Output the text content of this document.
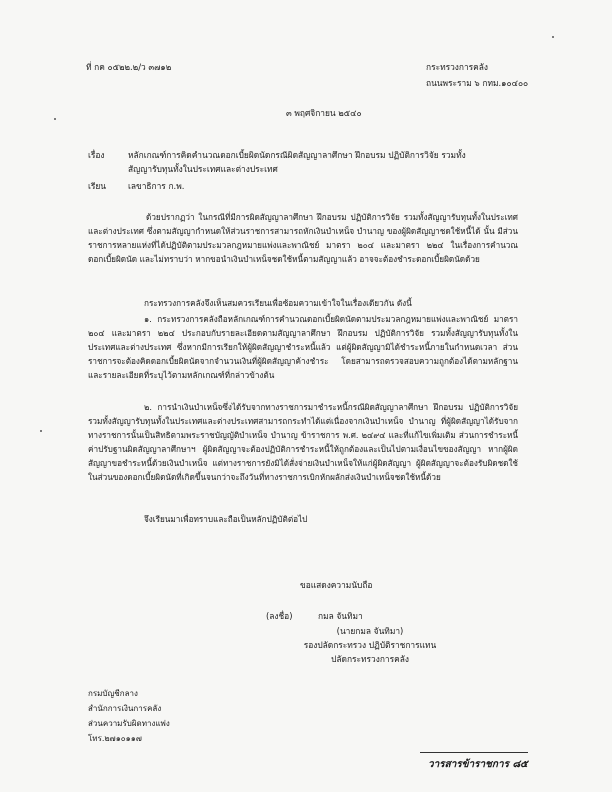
ที่ กค ๐๕๒๒.๒/ว ๓๗๑๒	กระทรวงการคลัง
ถนนพระราม ๖ กทม.๑๐๔๐๐
๓ พฤศจิกายน ๒๕๔๐
เรื่อง	หลักเกณฑ์การคิดคำนวณดอกเบี้ยผิดนัดกรณีผิดสัญญาลาศึกษา ฝึกอบรม ปฏิบัติการวิจัย รวมทั้ง
สัญญารับทุนทั้งในประเทศและต่างประเทศ
เรียน	เลขาธิการ ก.พ.

ด้วยปรากฏว่า ในกรณีที่มีการผิดสัญญาลาศึกษา ฝึกอบรม ปฏิบัติการวิจัย รวมทั้งสัญญารับทุนทั้งในประเทศและต่างประเทศ ซึ่งตามสัญญากำหนดให้ส่วนราชการสามารถหักเงินบำเหน็จ บำนาญ ของผู้ผิดสัญญาชดใช้หนี้ได้ นั้น มีส่วนราชการหลายแห่งที่ได้ปฏิบัติตามประมวลกฎหมายแพ่งและพาณิชย์ มาตรา ๒๐๔ และมาตรา ๒๒๔ ในเรื่องการคำนวณดอกเบี้ยผิดนัด และไม่ทราบว่า หากขอนำเงินบำเหน็จชดใช้หนี้ตามสัญญาแล้ว อาจจะต้องชำระดอกเบี้ยผิดนัดด้วย

กระทรวงการคลังจึงเห็นสมควรเรียนเพื่อซ้อมความเข้าใจในเรื่องเดียวกัน ดังนี้

๑. กระทรวงการคลังถือหลักเกณฑ์การคำนวณดอกเบี้ยผิดนัดตามประมวลกฎหมายแพ่งและพาณิชย์ มาตรา ๒๐๔ และมาตรา ๒๒๔ ประกอบกับรายละเอียดตามสัญญาลาศึกษา ฝึกอบรม ปฏิบัติการวิจัย รวมทั้งสัญญารับทุนทั้งในประเทศและต่างประเทศ ซึ่งหากมีการเรียกให้ผู้ผิดสัญญาชำระหนี้แล้ว แต่ผู้ผิดสัญญามิได้ชำระหนี้ภายในกำหนดเวลา ส่วนราชการจะต้องคิดดอกเบี้ยผิดนัดจากจำนวนเงินที่ผู้ผิดสัญญาค้างชำระ โดยสามารถตรวจสอบความถูกต้องได้ตามหลักฐานและรายละเอียดที่ระบุไว้ตามหลักเกณฑ์ที่กล่าวข้างต้น

๒. การนำเงินบำเหน็จซึ่งได้รับจากทางราชการมาชำระหนี้กรณีผิดสัญญาลาศึกษา ฝึกอบรม ปฏิบัติการวิจัย รวมทั้งสัญญารับทุนทั้งในประเทศและต่างประเทศสามารถกระทำได้แต่เนื่องจากเงินบำเหน็จ บำนาญ ที่ผู้ผิดสัญญาได้รับจากทางราชการนั้นเป็นสิทธิตามพระราชบัญญัติบำเหน็จ บำนาญ ข้าราชการ พ.ศ. ๒๔๙๔ และที่แก้ไขเพิ่มเติม ส่วนการชำระหนี้ค่าปรับฐานผิดสัญญาลาศึกษาฯ ผู้ผิดสัญญาจะต้องปฏิบัติการชำระหนี้ให้ถูกต้องและเป็นไปตามเงื่อนไขของสัญญา หากผู้ผิดสัญญาขอชำระหนี้ด้วยเงินบำเหน็จ แต่ทางราชการยังมิได้สั่งจ่ายเงินบำเหน็จให้แก่ผู้ผิดสัญญา ผู้ผิดสัญญาจะต้องรับผิดชดใช้ในส่วนของดอกเบี้ยผิดนัดที่เกิดขึ้นจนกว่าจะถึงวันที่ทางราชการเบิกหักผลักส่งเงินบำเหน็จชดใช้หนี้ด้วย

จึงเรียนมาเพื่อทราบและถือเป็นหลักปฏิบัติต่อไป

ขอแสดงความนับถือ
(ลงชื่อ)	กมล จันทิมา
(นายกมล จันทิมา)
รองปลัดกระทรวง ปฏิบัติราชการแทน
ปลัดกระทรวงการคลัง
กรมบัญชีกลาง
สำนักการเงินการคลัง
ส่วนความรับผิดทางแพ่ง
โทร.๒๗๑๐๑๑๗
วารสารข้าราชการ ๘๕
